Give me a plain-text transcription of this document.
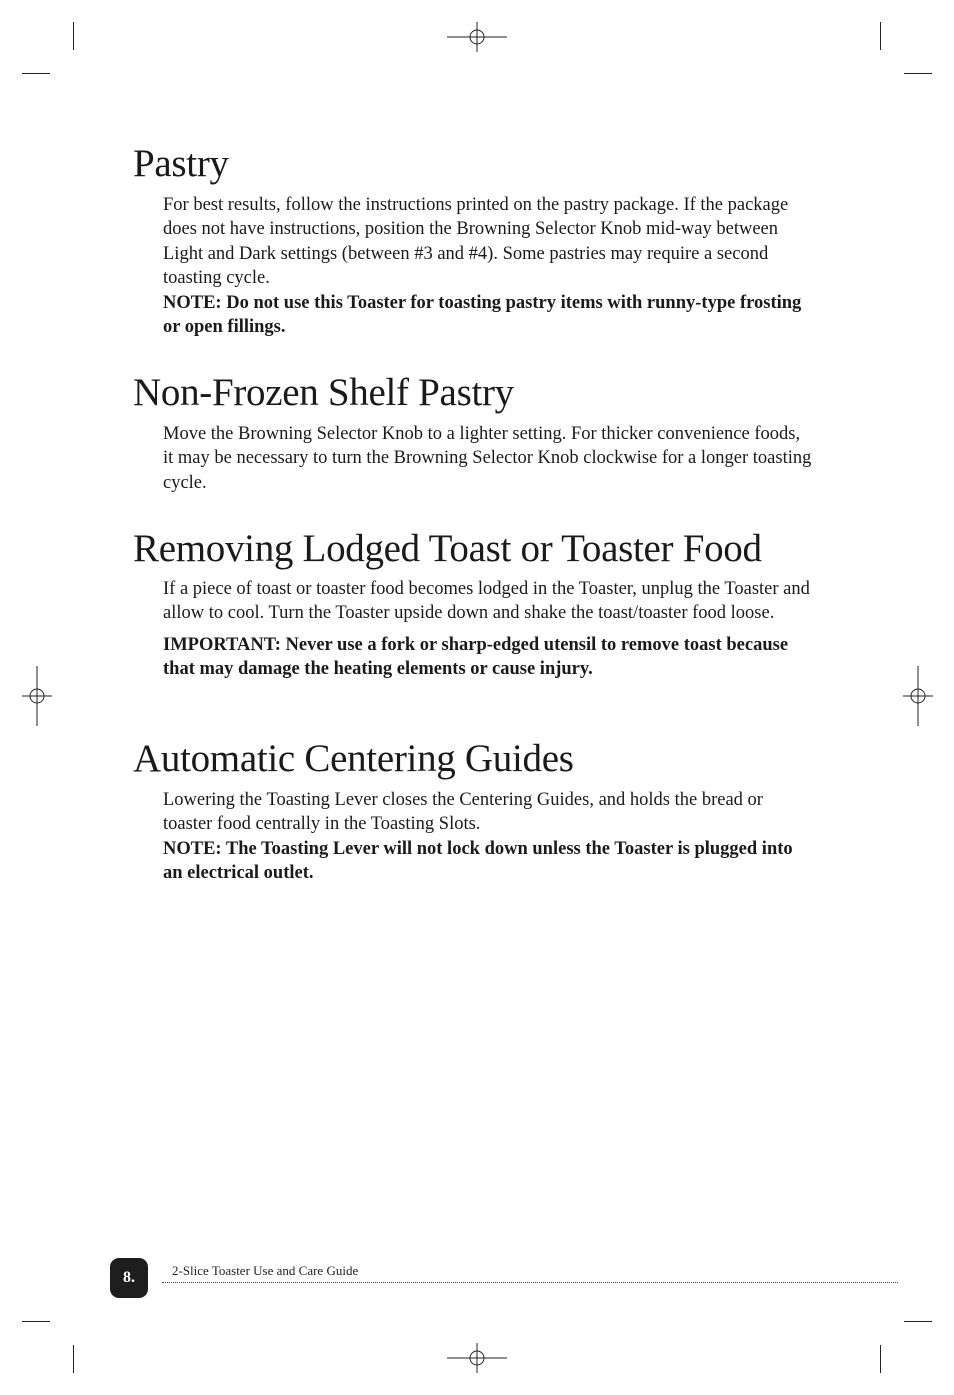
Pastry

For best results, follow the instructions printed on the pastry package. If the package does not have instructions, position the Browning Selector Knob mid-way between Light and Dark settings (between #3 and #4). Some pastries may require a second toasting cycle.

NOTE: Do not use this Toaster for toasting pastry items with runny-type frosting or open fillings.

Non-Frozen Shelf Pastry

Move the Browning Selector Knob to a lighter setting. For thicker convenience foods, it may be necessary to turn the Browning Selector Knob clockwise for a longer toasting cycle.

Removing Lodged Toast or Toaster Food

If a piece of toast or toaster food becomes lodged in the Toaster, unplug the Toaster and allow to cool. Turn the Toaster upside down and shake the toast/toaster food loose.

IMPORTANT: Never use a fork or sharp-edged utensil to remove toast because that may damage the heating elements or cause injury.

Automatic Centering Guides

Lowering the Toasting Lever closes the Centering Guides, and holds the bread or toaster food centrally in the Toasting Slots.

NOTE: The Toasting Lever will not lock down unless the Toaster is plugged into an electrical outlet.

8.	2-Slice Toaster Use and Care Guide
